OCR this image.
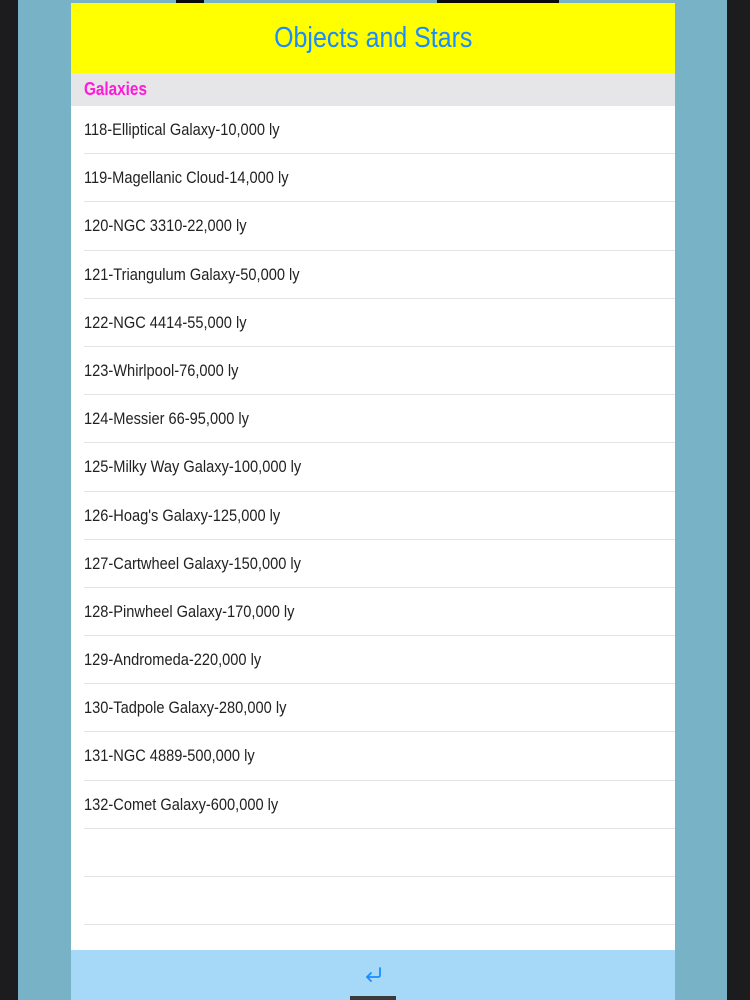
Objects and Stars
Galaxies
118-Elliptical Galaxy-10,000 ly
119-Magellanic Cloud-14,000 ly
120-NGC 3310-22,000 ly
121-Triangulum Galaxy-50,000 ly
122-NGC 4414-55,000 ly
123-Whirlpool-76,000 ly
124-Messier 66-95,000 ly
125-Milky Way Galaxy-100,000 ly
126-Hoag's Galaxy-125,000 ly
127-Cartwheel Galaxy-150,000 ly
128-Pinwheel Galaxy-170,000 ly
129-Andromeda-220,000 ly
130-Tadpole Galaxy-280,000 ly
131-NGC 4889-500,000 ly
132-Comet Galaxy-600,000 ly
